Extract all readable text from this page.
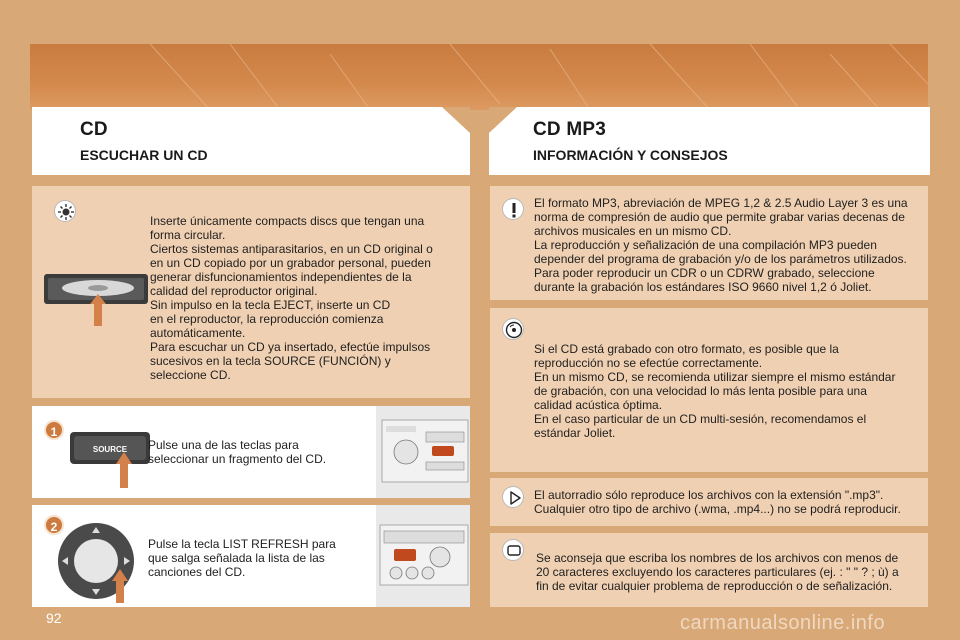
CD
ESCUCHAR UN CD
CD MP3
INFORMACIÓN Y CONSEJOS
Inserte únicamente compacts discs que tengan una
forma circular.
Ciertos sistemas antiparasitarios, en un CD original o
en un CD copiado por un grabador personal, pueden
generar disfuncionamientos independientes de la
calidad del reproductor original.
Sin impulso en la tecla EJECT, inserte un CD
en el reproductor, la reproducción comienza
automáticamente.
Para escuchar un CD ya insertado, efectúe impulsos
sucesivos en la tecla SOURCE (FUNCIÓN) y
seleccione CD.
1
SOURCE Pulse una de las teclas para
seleccionar un fragmento del CD.
2
Pulse la tecla LIST REFRESH para
que salga señalada la lista de las
canciones del CD.
El formato MP3, abreviación de MPEG 1,2 & 2.5 Audio Layer 3 es una
norma de compresión de audio que permite grabar varias decenas de
archivos musicales en un mismo CD.
La reproducción y señalización de una compilación MP3 pueden
depender del programa de grabación y/o de los parámetros utilizados.
Para poder reproducir un CDR o un CDRW grabado, seleccione
durante la grabación los estándares ISO 9660 nivel 1,2 ó Joliet.
Si el CD está grabado con otro formato, es posible que la
reproducción no se efectúe correctamente.
En un mismo CD, se recomienda utilizar siempre el mismo estándar
de grabación, con una velocidad lo más lenta posible para una
calidad acústica óptima.
En el caso particular de un CD multi-sesión, recomendamos el
estándar Joliet.
El autorradio sólo reproduce los archivos con la extensión ".mp3".
Cualquier otro tipo de archivo (.wma, .mp4...) no se podrá reproducir.
Se aconseja que escriba los nombres de los archivos con menos de
20 caracteres excluyendo los caracteres particulares (ej. : " " ? ; ù) a
fin de evitar cualquier problema de reproducción o de señalización.
92	carmanualsonline.info
